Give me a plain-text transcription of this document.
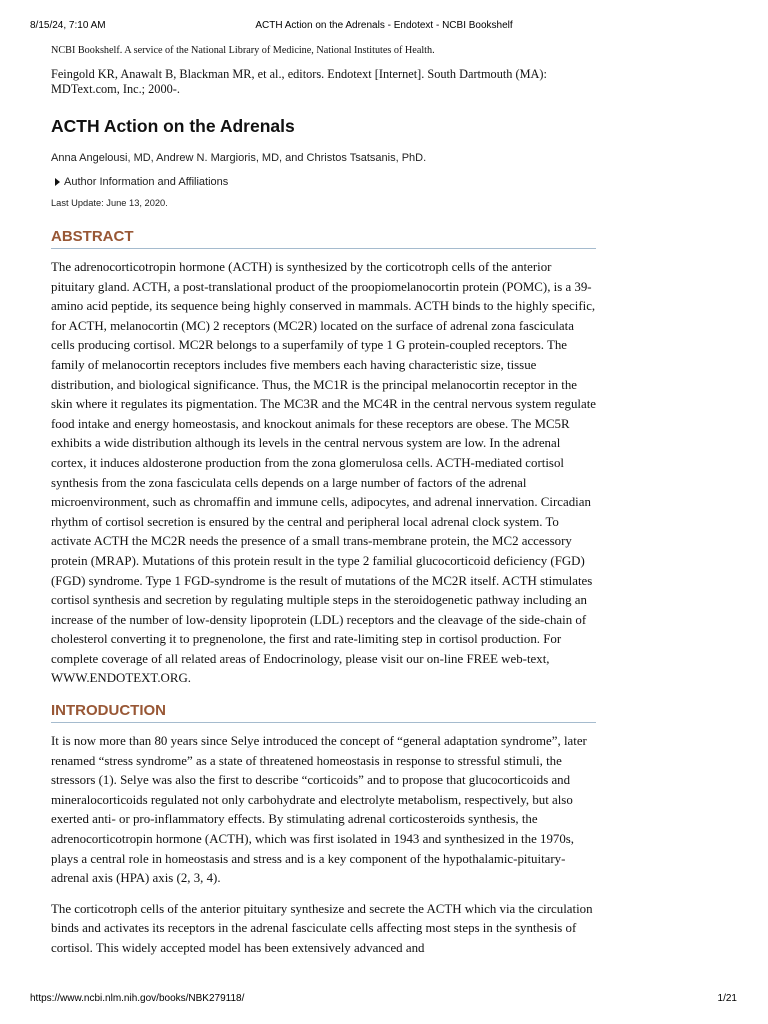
8/15/24, 7:10 AM	ACTH Action on the Adrenals - Endotext - NCBI Bookshelf

NCBI Bookshelf. A service of the National Library of Medicine, National Institutes of Health.

Feingold KR, Anawalt B, Blackman MR, et al., editors. Endotext [Internet]. South Dartmouth (MA): MDText.com, Inc.; 2000-.

ACTH Action on the Adrenals

Anna Angelousi, MD, Andrew N. Margioris, MD, and Christos Tsatsanis, PhD.

Author Information and Affiliations

Last Update: June 13, 2020.

ABSTRACT

The adrenocorticotropin hormone (ACTH) is synthesized by the corticotroph cells of the anterior pituitary gland. ACTH, a post-translational product of the proopiomelanocortin protein (POMC), is a 39-amino acid peptide, its sequence being highly conserved in mammals. ACTH binds to the highly specific, for ACTH, melanocortin (MC) 2 receptors (MC2R) located on the surface of adrenal zona fasciculata cells producing cortisol. MC2R belongs to a superfamily of type 1 G protein-coupled receptors. The family of melanocortin receptors includes five members each having characteristic size, tissue distribution, and biological significance. Thus, the MC1R is the principal melanocortin receptor in the skin where it regulates its pigmentation. The MC3R and the MC4R in the central nervous system regulate food intake and energy homeostasis, and knockout animals for these receptors are obese. The MC5R exhibits a wide distribution although its levels in the central nervous system are low. In the adrenal cortex, it induces aldosterone production from the zona glomerulosa cells. ACTH-mediated cortisol synthesis from the zona fasciculata cells depends on a large number of factors of the adrenal microenvironment, such as chromaffin and immune cells, adipocytes, and adrenal innervation. Circadian rhythm of cortisol secretion is ensured by the central and peripheral local adrenal clock system. To activate ACTH the MC2R needs the presence of a small trans-membrane protein, the MC2 accessory protein (MRAP). Mutations of this protein result in the type 2 familial glucocorticoid deficiency (FGD) (FGD) syndrome. Type 1 FGD-syndrome is the result of mutations of the MC2R itself. ACTH stimulates cortisol synthesis and secretion by regulating multiple steps in the steroidogenetic pathway including an increase of the number of low-density lipoprotein (LDL) receptors and the cleavage of the side-chain of cholesterol converting it to pregnenolone, the first and rate-limiting step in cortisol production. For complete coverage of all related areas of Endocrinology, please visit our on-line FREE web-text, WWW.ENDOTEXT.ORG.

INTRODUCTION

It is now more than 80 years since Selye introduced the concept of “general adaptation syndrome”, later renamed “stress syndrome” as a state of threatened homeostasis in response to stressful stimuli, the stressors (1). Selye was also the first to describe “corticoids” and to propose that glucocorticoids and mineralocorticoids regulated not only carbohydrate and electrolyte metabolism, respectively, but also exerted anti- or pro-inflammatory effects. By stimulating adrenal corticosteroids synthesis, the adrenocorticotropin hormone (ACTH), which was first isolated in 1943 and synthesized in the 1970s, plays a central role in homeostasis and stress and is a key component of the hypothalamic-pituitary-adrenal axis (HPA) axis (2, 3, 4).

The corticotroph cells of the anterior pituitary synthesize and secrete the ACTH which via the circulation binds and activates its receptors in the adrenal fasciculate cells affecting most steps in the synthesis of cortisol. This widely accepted model has been extensively advanced and

https://www.ncbi.nlm.nih.gov/books/NBK279118/	1/21
